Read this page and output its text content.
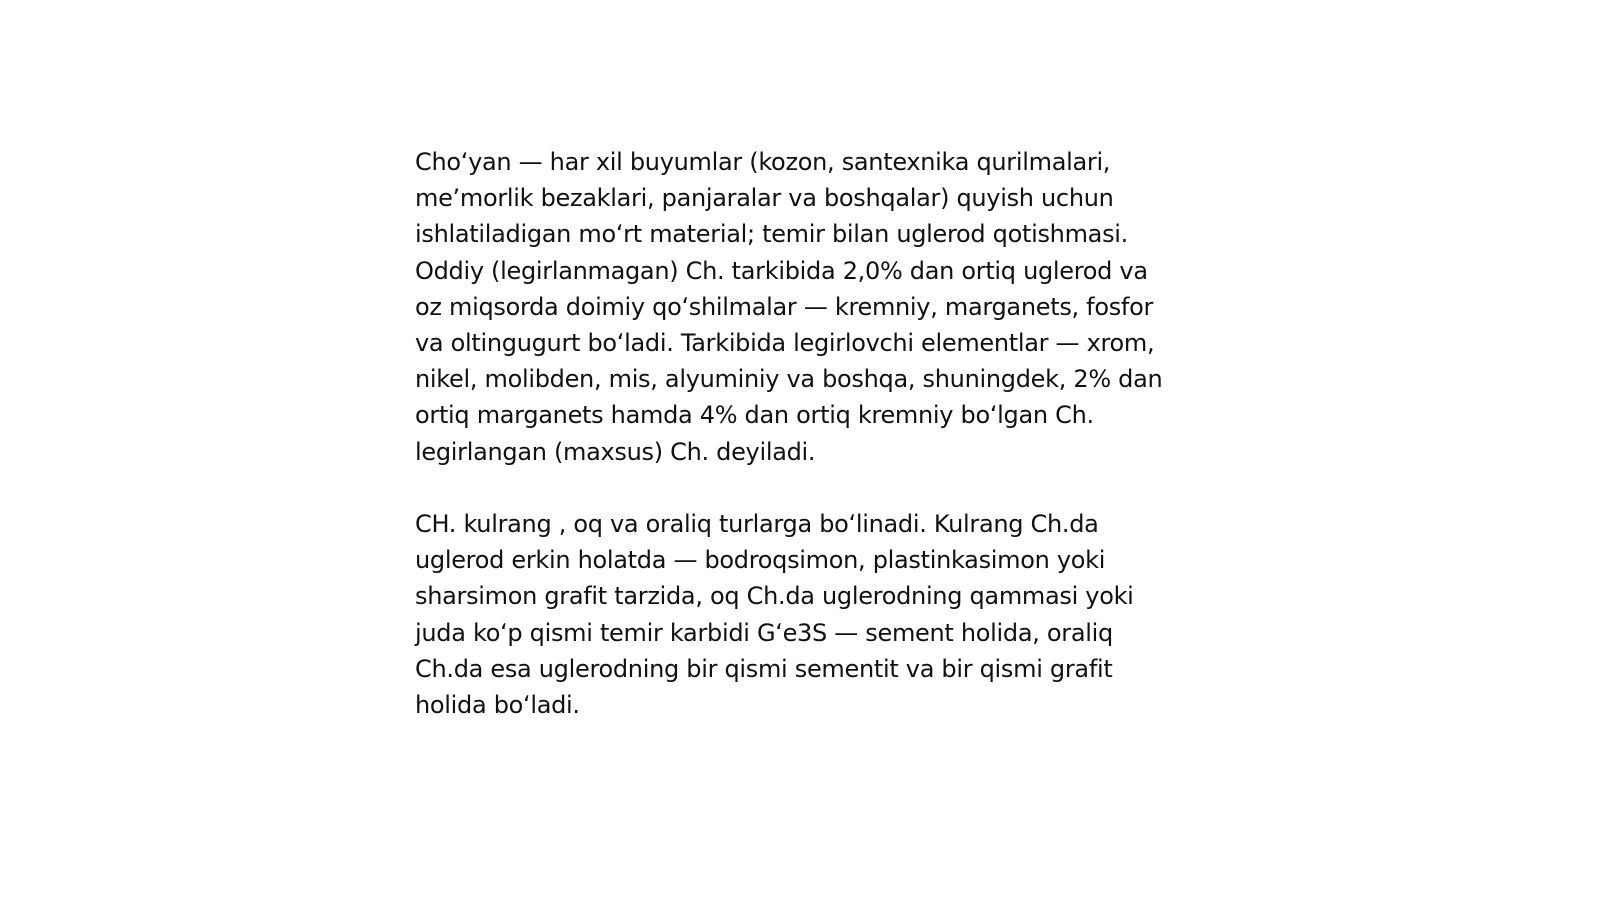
Choʻyan — har xil buyumlar (kozon, santexnika qurilmalari,
meʼmorlik bezaklari, panjaralar va boshqalar) quyish uchun
ishlatiladigan moʻrt material; temir bilan uglerod qotishmasi.
Oddiy (legirlanmagan) Ch. tarkibida 2,0% dan ortiq uglerod va
oz miqsorda doimiy qoʻshilmalar — kremniy, marganets, fosfor
va oltingugurt boʻladi. Tarkibida legirlovchi elementlar — xrom,
nikel, molibden, mis, alyuminiy va boshqa, shuningdek, 2% dan
ortiq marganets hamda 4% dan ortiq kremniy boʻlgan Ch.
legirlangan (maxsus) Ch. deyiladi.

CH. kulrang , oq va oraliq turlarga boʻlinadi. Kulrang Ch.da
uglerod erkin holatda — bodroqsimon, plastinkasimon yoki
sharsimon grafit tarzida, oq Ch.da uglerodning qammasi yoki
juda koʻp qismi temir karbidi Gʻe3S — sement holida, oraliq
Ch.da esa uglerodning bir qismi sementit va bir qismi grafit
holida boʻladi.
